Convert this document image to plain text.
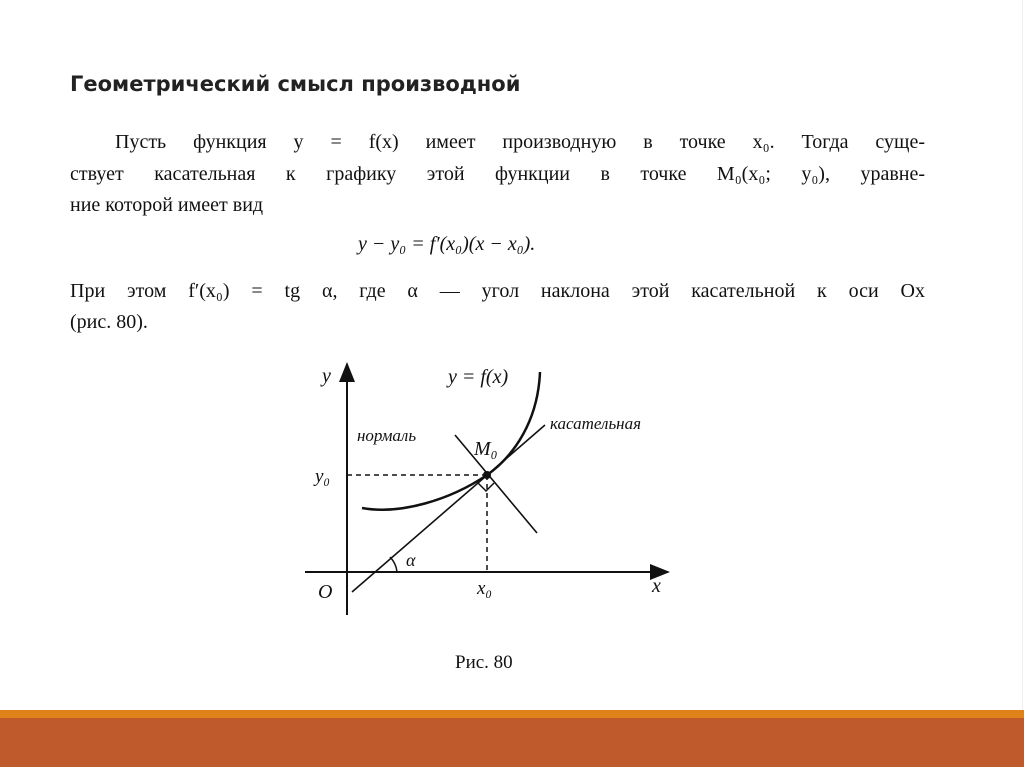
Геометрический смысл производной
Пусть функция y = f(x) имеет производную в точке x₀. Тогда суще-
ствует касательная к графику этой функции в точке M₀(x₀; y₀), уравне-
ние которой имеет вид
y − y₀ = f′(x₀)(x − x₀).
При этом f′(x₀) = tg α, где α — угол наклона этой касательной к оси Ox
(рис. 80).
y
x
O
y = f(x)
нормаль
касательная
M₀
y₀
x₀
α
Рис. 80
